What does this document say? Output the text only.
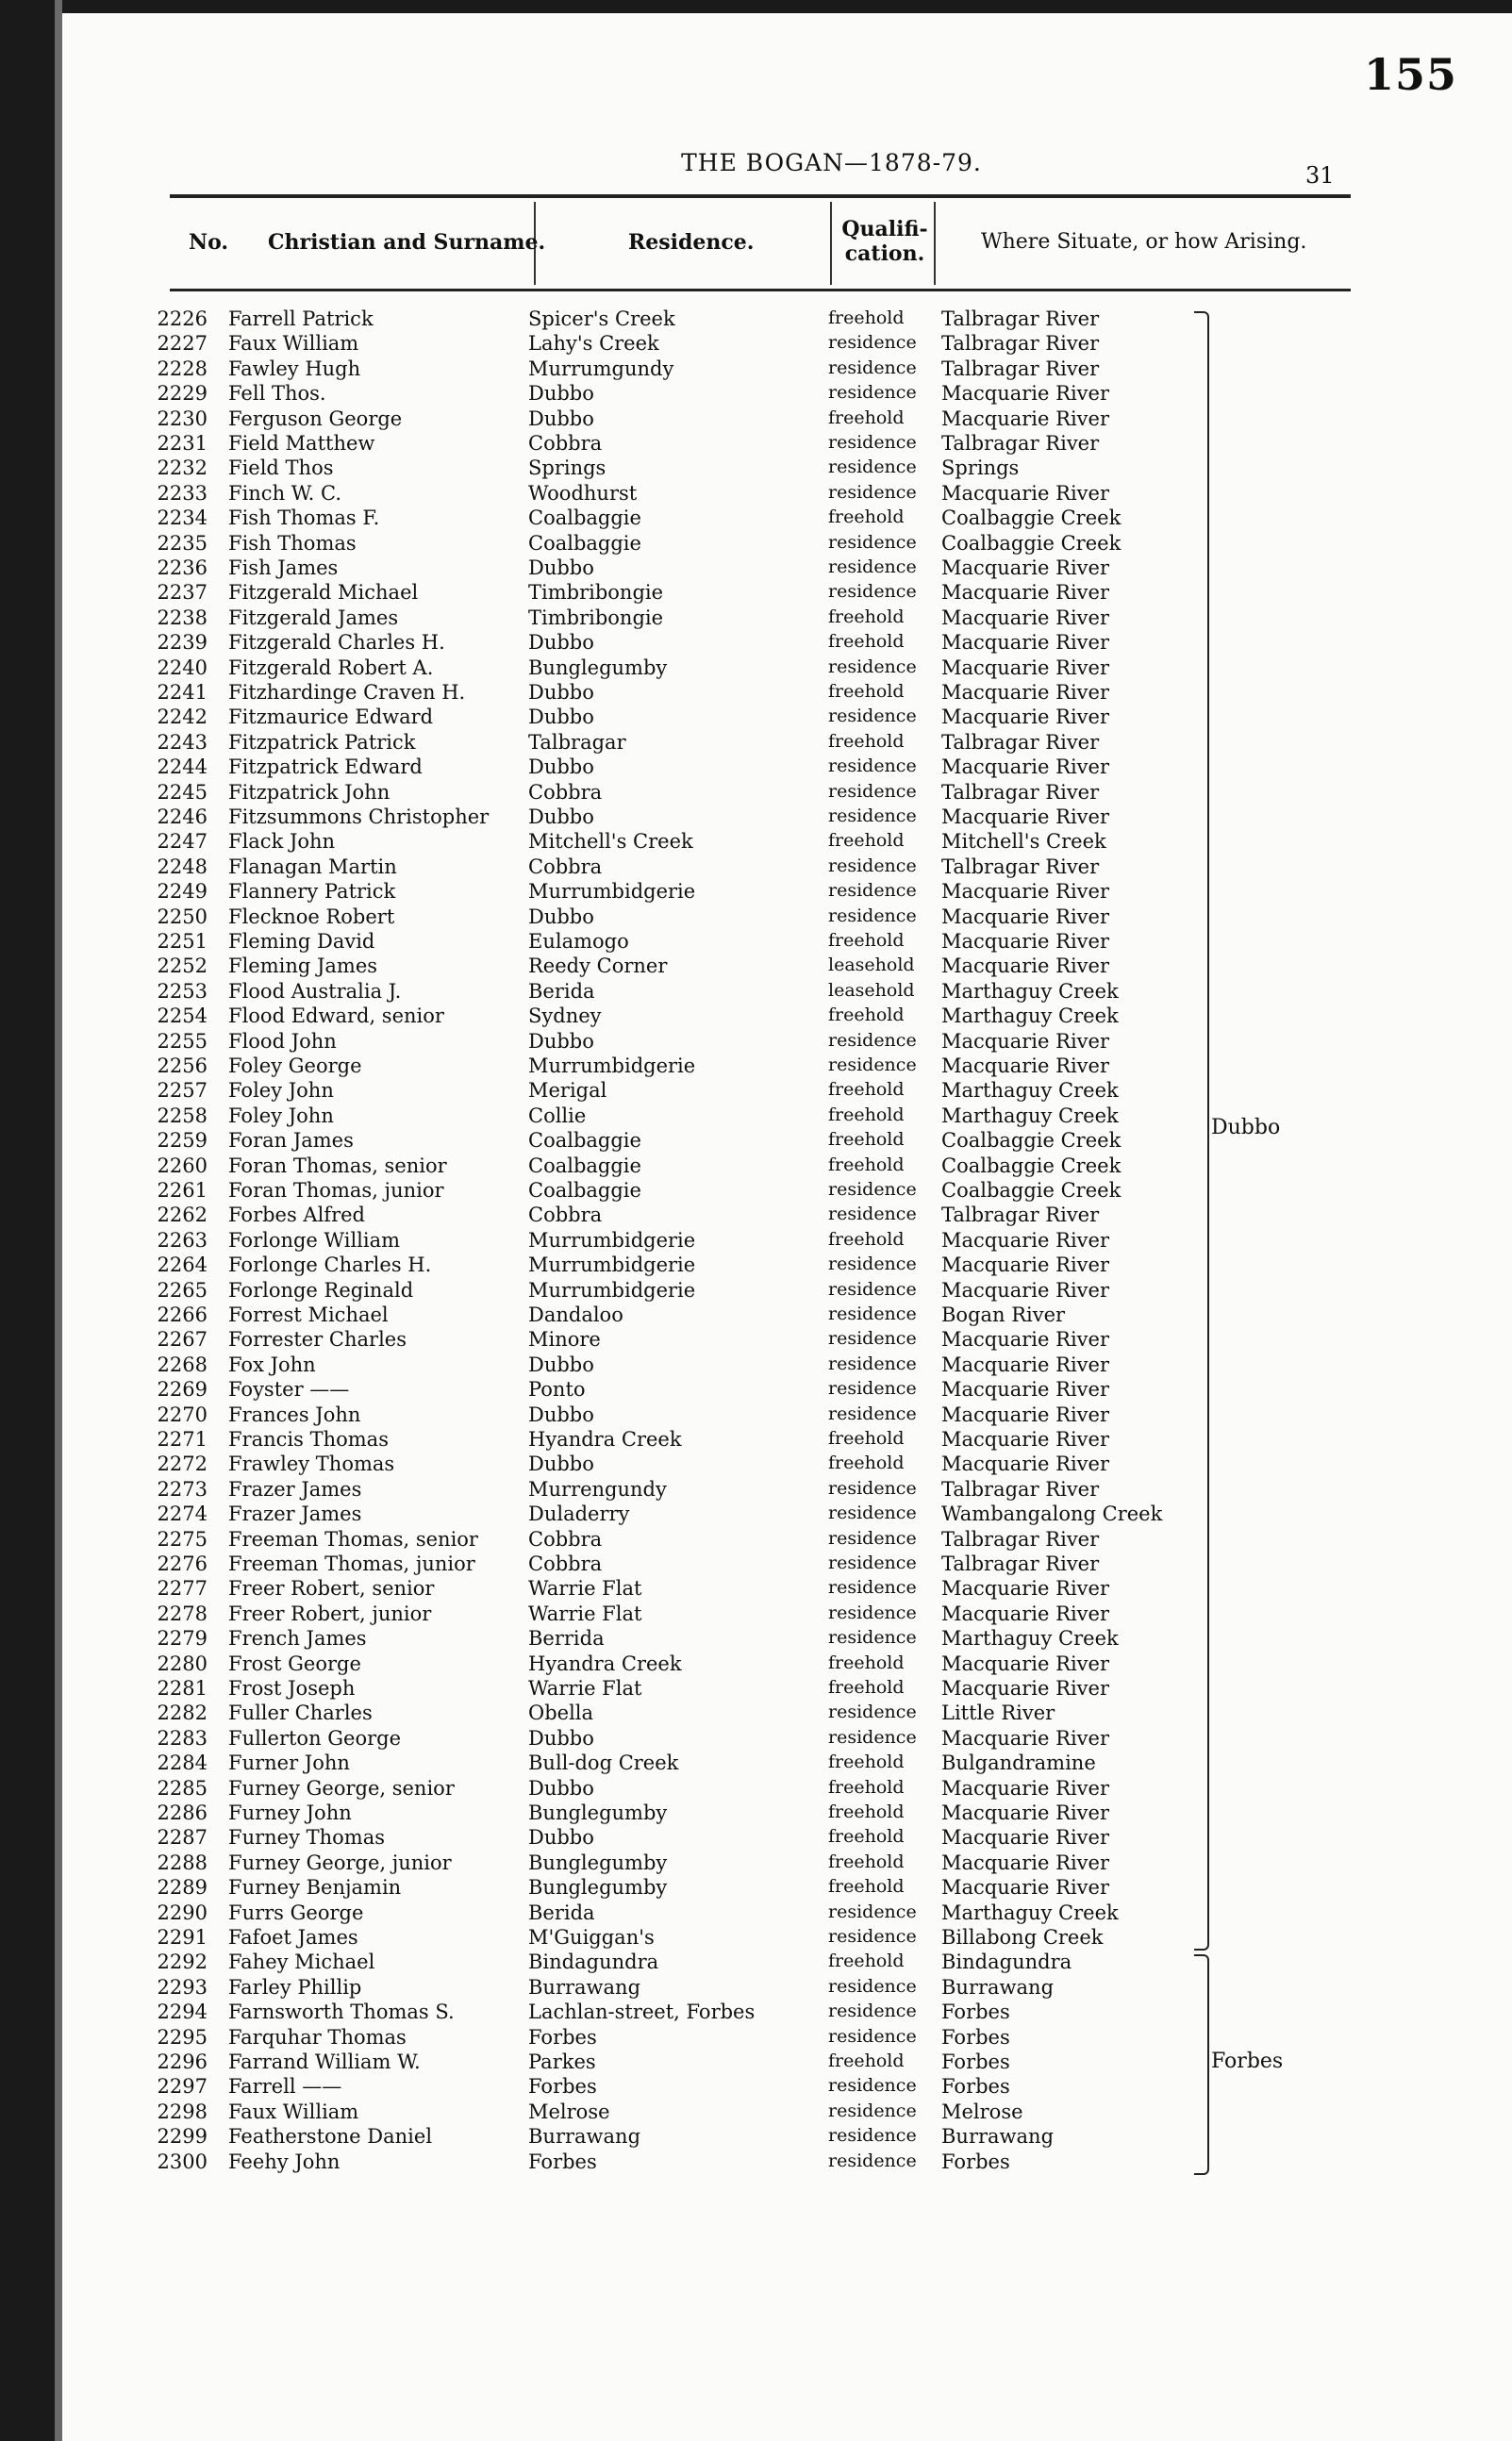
155
THE BOGAN—1878-79.	31
No. Christian and Surname.	Residence.
Qualifi-
cation.	Where Situate, or how Arising.
2226 Farrell Patrick	Spicer's Creek	freehold Talbragar River
2227 Faux William	Lahy's Creek	residence Talbragar River
2228 Fawley Hugh	Murrumgundy	residence Talbragar River
2229 Fell Thos.	Dubbo	residence Macquarie River
2230 Ferguson George	Dubbo	freehold Macquarie River
2231 Field Matthew	Cobbra	residence Talbragar River
2232 Field Thos	Springs	residence Springs
2233 Finch W. C.	Woodhurst	residence Macquarie River
2234 Fish Thomas F.	Coalbaggie	freehold Coalbaggie Creek
2235 Fish Thomas	Coalbaggie	residence Coalbaggie Creek
2236 Fish James	Dubbo	residence Macquarie River
2237 Fitzgerald Michael	Timbribongie	residence Macquarie River
2238 Fitzgerald James	Timbribongie	freehold Macquarie River
2239 Fitzgerald Charles H.	Dubbo	freehold Macquarie River
2240 Fitzgerald Robert A.	Bunglegumby	residence Macquarie River
2241 Fitzhardinge Craven H.	Dubbo	freehold Macquarie River
2242 Fitzmaurice Edward	Dubbo	residence Macquarie River
2243 Fitzpatrick Patrick	Talbragar	freehold Talbragar River
2244 Fitzpatrick Edward	Dubbo	residence Macquarie River
2245 Fitzpatrick John	Cobbra	residence Talbragar River
2246 Fitzsummons Christopher Dubbo	residence Macquarie River
2247 Flack John	Mitchell's Creek	freehold Mitchell's Creek
2248 Flanagan Martin	Cobbra	residence Talbragar River
2249 Flannery Patrick	Murrumbidgerie	residence Macquarie River
2250 Flecknoe Robert	Dubbo	residence Macquarie River
2251 Fleming David	Eulamogo	freehold Macquarie River
2252 Fleming James	Reedy Corner	leasehold Macquarie River
2253 Flood Australia J.	Berida	leasehold Marthaguy Creek
2254 Flood Edward, senior	Sydney	freehold Marthaguy Creek
2255 Flood John	Dubbo	residence Macquarie River
2256 Foley George	Murrumbidgerie	residence Macquarie River
2257 Foley John	Merigal	freehold Marthaguy Creek
2258 Foley John	Collie	freehold Marthaguy Creek
2259 Foran James	Coalbaggie	freehold Coalbaggie Creek
2260 Foran Thomas, senior	Coalbaggie	freehold Coalbaggie Creek
2261 Foran Thomas, junior	Coalbaggie	residence Coalbaggie Creek
2262 Forbes Alfred	Cobbra	residence Talbragar River
2263 Forlonge William	Murrumbidgerie	freehold Macquarie River
2264 Forlonge Charles H.	Murrumbidgerie	residence Macquarie River
2265 Forlonge Reginald	Murrumbidgerie	residence Macquarie River
2266 Forrest Michael	Dandaloo	residence Bogan River
2267 Forrester Charles	Minore	residence Macquarie River
2268 Fox John	Dubbo	residence Macquarie River
2269 Foyster ——	Ponto	residence Macquarie River
2270 Frances John	Dubbo	residence Macquarie River
2271 Francis Thomas	Hyandra Creek	freehold Macquarie River
2272 Frawley Thomas	Dubbo	freehold Macquarie River
2273 Frazer James	Murrengundy	residence Talbragar River
2274 Frazer James	Duladerry	residence Wambangalong Creek
2275 Freeman Thomas, senior	Cobbra	residence Talbragar River
2276 Freeman Thomas, junior	Cobbra	residence Talbragar River
2277 Freer Robert, senior	Warrie Flat	residence Macquarie River
2278 Freer Robert, junior	Warrie Flat	residence Macquarie River
2279 French James	Berrida	residence Marthaguy Creek
2280 Frost George	Hyandra Creek	freehold Macquarie River
2281 Frost Joseph	Warrie Flat	freehold Macquarie River
2282 Fuller Charles	Obella	residence Little River
2283 Fullerton George	Dubbo	residence Macquarie River
2284 Furner John	Bull-dog Creek	freehold Bulgandramine
2285 Furney George, senior	Dubbo	freehold Macquarie River
2286 Furney John	Bunglegumby	freehold Macquarie River
2287 Furney Thomas	Dubbo	freehold Macquarie River
2288 Furney George, junior	Bunglegumby	freehold Macquarie River
2289 Furney Benjamin	Bunglegumby	freehold Macquarie River
2290 Furrs George	Berida	residence Marthaguy Creek
2291 Fafoet James	M'Guiggan's	residence Billabong Creek
2292 Fahey Michael	Bindagundra	freehold Bindagundra
2293 Farley Phillip	Burrawang	residence Burrawang
2294 Farnsworth Thomas S.	Lachlan-street, Forbes	residence Forbes
2295 Farquhar Thomas	Forbes	residence Forbes
2296 Farrand William W.	Parkes	freehold Forbes
2297 Farrell ——	Forbes	residence Forbes
2298 Faux William	Melrose	residence Melrose
2299 Featherstone Daniel	Burrawang	residence Burrawang
2300 Feehy John	Forbes	residence Forbes
Dubbo
Forbes
